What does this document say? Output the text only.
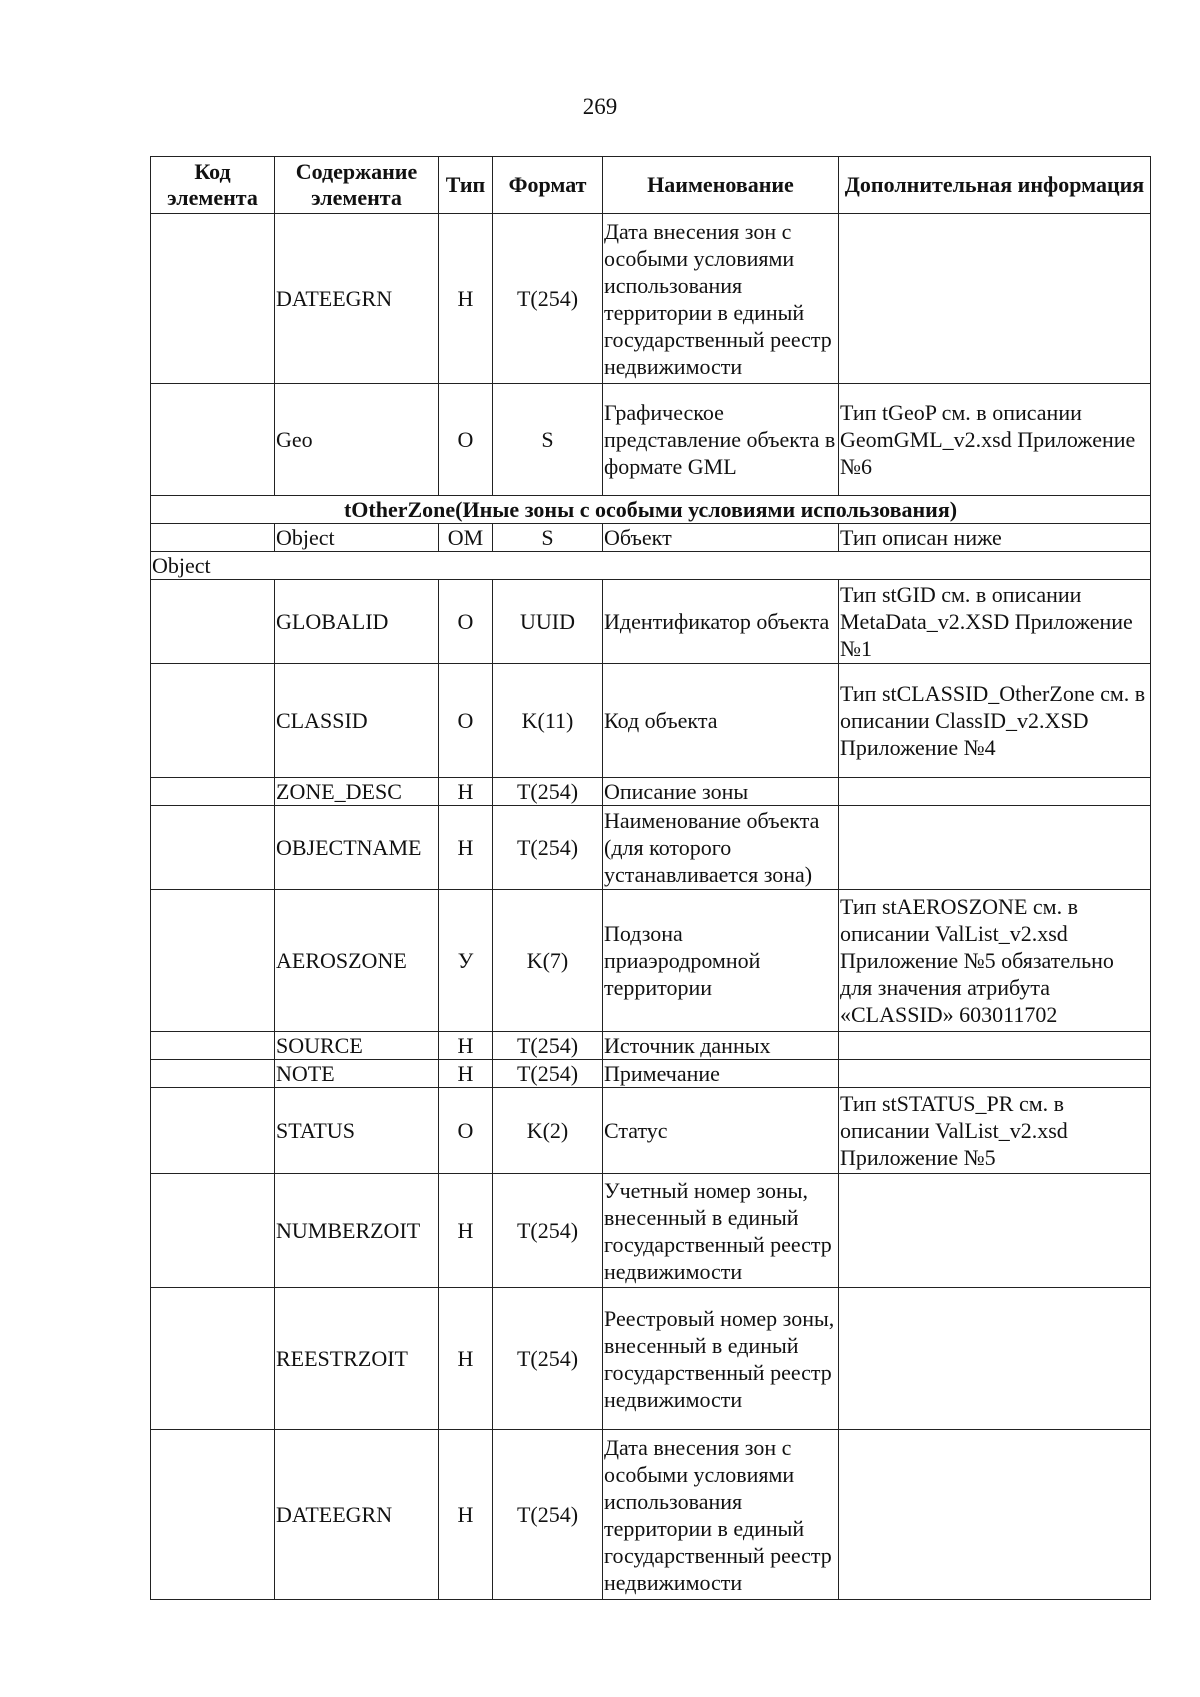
269
Код элемента	Содержание элемента	Тип	Формат	Наименование	Дополнительная информация
	DATEEGRN	Н	T(254)	Дата внесения зон с особыми условиями использования территории в единый государственный реестр недвижимости	
	Geo	О	S	Графическое представление объекта в формате GML	Тип tGeoP см. в описании GeomGML_v2.xsd Приложение №6
tOtherZone(Иные зоны с особыми условиями использования)					
	Object	ОМ	S	Объект	Тип описан ниже
Object					
	GLOBALID	О	UUID	Идентификатор объекта	Тип stGID см. в описании MetaData_v2.XSD Приложение №1
	CLASSID	О	K(11)	Код объекта	Тип stCLASSID_OtherZone см. в описании ClassID_v2.XSD Приложение №4
	ZONE_DESC	Н	T(254)	Описание зоны	
	OBJECTNAME	Н	T(254)	Наименование объекта (для которого устанавливается зона)	
	AEROSZONE	У	K(7)	Подзона приаэродромной территории	Тип stAEROSZONE см. в описании ValList_v2.xsd Приложение №5 обязательно для значения атрибута «CLASSID» 603011702
	SOURCE	Н	T(254)	Источник данных	
	NOTE	Н	T(254)	Примечание	
	STATUS	О	K(2)	Статус	Тип stSTATUS_PR см. в описании ValList_v2.xsd Приложение №5
	NUMBERZOIT	Н	T(254)	Учетный номер зоны, внесенный в единый государственный реестр недвижимости	
	REESTRZOIT	Н	T(254)	Реестровый номер зоны, внесенный в единый государственный реестр недвижимости	
	DATEEGRN	Н	T(254)	Дата внесения зон с особыми условиями использования территории в единый государственный реестр недвижимости	
